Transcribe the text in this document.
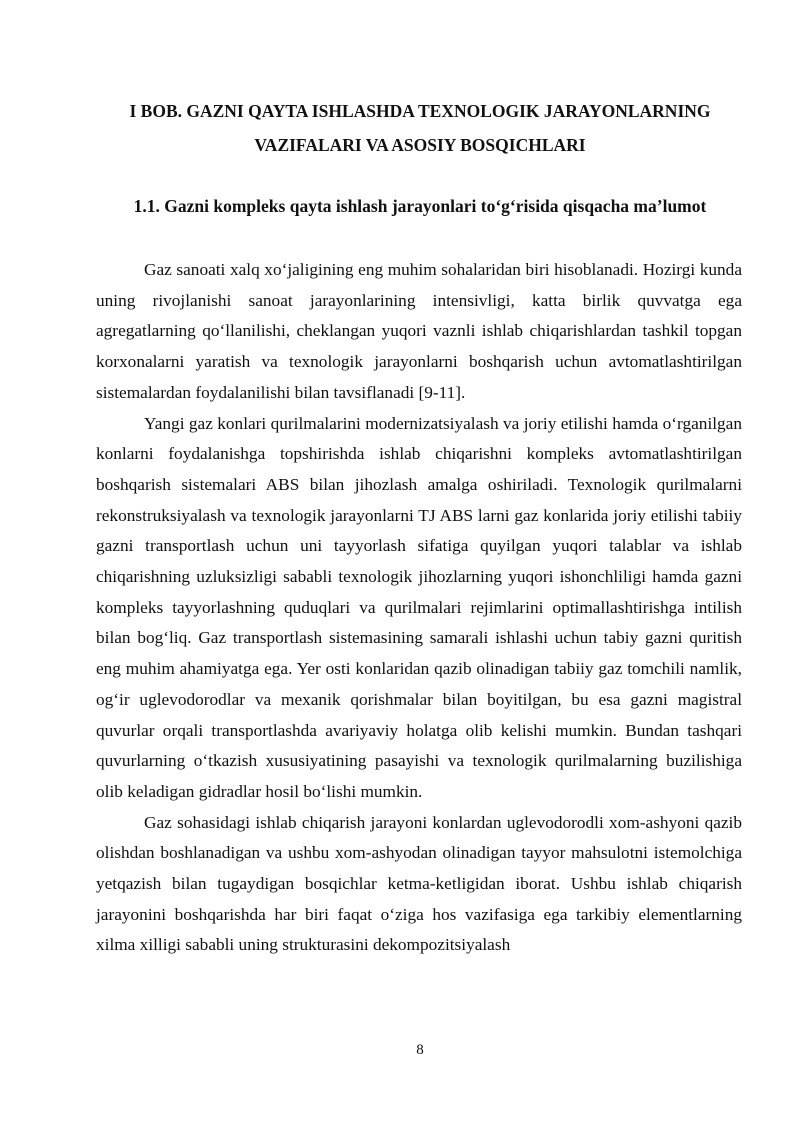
I BOB. GAZNI QAYTA ISHLASHDA TEXNOLOGIK JARAYONLARNING VAZIFALARI VA ASOSIY BOSQICHLARI
1.1. Gazni kompleks qayta ishlash jarayonlari to‘g‘risida qisqacha ma’lumot

Gaz sanoati xalq xo‘jaligining eng muhim sohalaridan biri hisoblanadi. Hozirgi kunda uning rivojlanishi sanoat jarayonlarining intensivligi, katta birlik quvvatga ega agregatlarning qo‘llanilishi, cheklangan yuqori vaznli ishlab chiqarishlardan tashkil topgan korxonalarni yaratish va texnologik jarayonlarni boshqarish uchun avtomatlashtirilgan sistemalardan foydalanilishi bilan tavsiflanadi [9-11].

Yangi gaz konlari qurilmalarini modernizatsiyalash va joriy etilishi hamda o‘rganilgan konlarni foydalanishga topshirishda ishlab chiqarishni kompleks avtomatlashtirilgan boshqarish sistemalari ABS bilan jihozlash amalga oshiriladi. Texnologik qurilmalarni rekonstruksiyalash va texnologik jarayonlarni TJ ABS larni gaz konlarida joriy etilishi tabiiy gazni transportlash uchun uni tayyorlash sifatiga quyilgan yuqori talablar va ishlab chiqarishning uzluksizligi sababli texnologik jihozlarning yuqori ishonchliligi hamda gazni kompleks tayyorlashning quduqlari va qurilmalari rejimlarini optimallashtirishga intilish bilan bog‘liq. Gaz transportlash sistemasining samarali ishlashi uchun tabiy gazni quritish eng muhim ahamiyatga ega. Yer osti konlaridan qazib olinadigan tabiiy gaz tomchili namlik, og‘ir uglevodorodlar va mexanik qorishmalar bilan boyitilgan, bu esa gazni magistral quvurlar orqali transportlashda avariyaviy holatga olib kelishi mumkin. Bundan tashqari quvurlarning o‘tkazish xususiyatining pasayishi va texnologik qurilmalarning buzilishiga olib keladigan gidradlar hosil bo‘lishi mumkin.

Gaz sohasidagi ishlab chiqarish jarayoni konlardan uglevodorodli xom-ashyoni qazib olishdan boshlanadigan va ushbu xom-ashyodan olinadigan tayyor mahsulotni istemolchiga yetqazish bilan tugaydigan bosqichlar ketma-ketligidan iborat. Ushbu ishlab chiqarish jarayonini boshqarishda har biri faqat o‘ziga hos vazifasiga ega tarkibiy elementlarning xilma xilligi sababli uning strukturasini dekompozitsiyalash

8
